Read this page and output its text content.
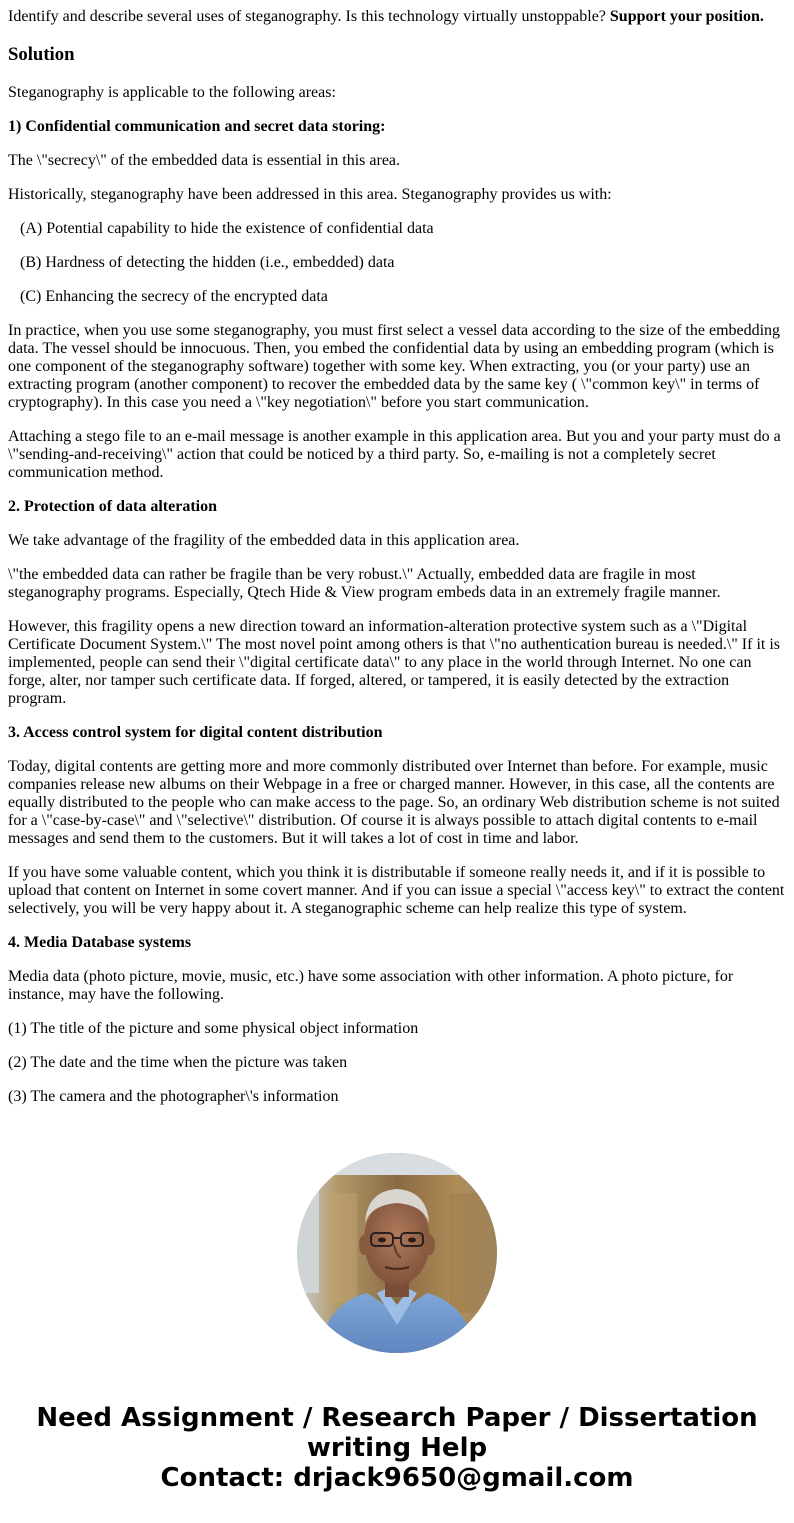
Identify and describe several uses of steganography. Is this technology virtually unstoppable? Support your position.

Solution

Steganography is applicable to the following areas:

1) Confidential communication and secret data storing:

The \"secrecy\" of the embedded data is essential in this area.

Historically, steganography have been addressed in this area. Steganography provides us with:

(A) Potential capability to hide the existence of confidential data

(B) Hardness of detecting the hidden (i.e., embedded) data

(C) Enhancing the secrecy of the encrypted data

In practice, when you use some steganography, you must first select a vessel data according to the size of the embedding data. The vessel should be innocuous. Then, you embed the confidential data by using an embedding program (which is one component of the steganography software) together with some key. When extracting, you (or your party) use an extracting program (another component) to recover the embedded data by the same key ( \"common key\" in terms of cryptography). In this case you need a \"key negotiation\" before you start communication.

Attaching a stego file to an e-mail message is another example in this application area. But you and your party must do a \"sending-and-receiving\" action that could be noticed by a third party. So, e-mailing is not a completely secret communication method.

2. Protection of data alteration

We take advantage of the fragility of the embedded data in this application area.

\"the embedded data can rather be fragile than be very robust.\" Actually, embedded data are fragile in most steganography programs. Especially, Qtech Hide & View program embeds data in an extremely fragile manner.

However, this fragility opens a new direction toward an information-alteration protective system such as a \"Digital Certificate Document System.\" The most novel point among others is that \"no authentication bureau is needed.\" If it is implemented, people can send their \"digital certificate data\" to any place in the world through Internet. No one can forge, alter, nor tamper such certificate data. If forged, altered, or tampered, it is easily detected by the extraction program.

3. Access control system for digital content distribution

Today, digital contents are getting more and more commonly distributed over Internet than before. For example, music companies release new albums on their Webpage in a free or charged manner. However, in this case, all the contents are equally distributed to the people who can make access to the page. So, an ordinary Web distribution scheme is not suited for a \"case-by-case\" and \"selective\" distribution. Of course it is always possible to attach digital contents to e-mail messages and send them to the customers. But it will takes a lot of cost in time and labor.

If you have some valuable content, which you think it is distributable if someone really needs it, and if it is possible to upload that content on Internet in some covert manner. And if you can issue a special \"access key\" to extract the content selectively, you will be very happy about it. A steganographic scheme can help realize this type of system.

4. Media Database systems

Media data (photo picture, movie, music, etc.) have some association with other information. A photo picture, for instance, may have the following.

(1) The title of the picture and some physical object information

(2) The date and the time when the picture was taken

(3) The camera and the photographer\'s information

Need Assignment / Research Paper / Dissertation writing Help
Contact: drjack9650@gmail.com
